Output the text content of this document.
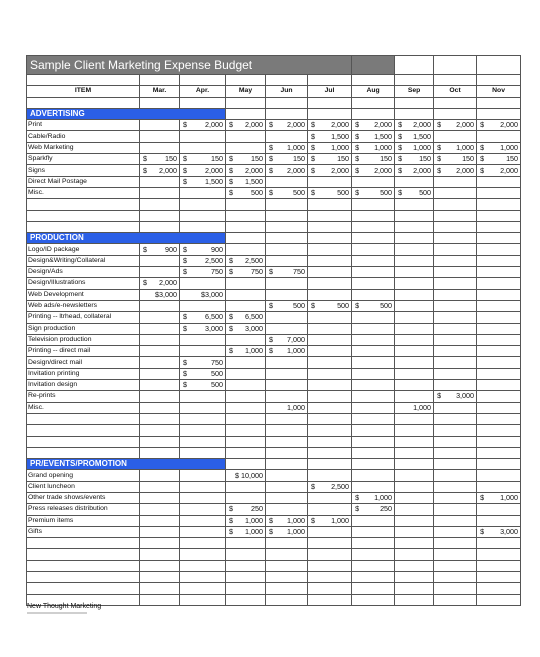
Sample Client Marketing Expense Budget									

ITEM	Mar.	Apr.	May	Jun	Jul	Aug	Sep	Oct	Nov

ADVERTISING									
Print		$ 2,000	$ 2,000	$ 2,000	$ 2,000	$ 2,000	$ 2,000	$ 2,000	$ 2,000

Cable/Radio					$ 1,500	$ 1,500	$ 1,500		

Web Marketing				$ 1,000	$ 1,000	$ 1,000	$ 1,000	$ 1,000	$ 1,000

Sparkfly	$ 150	$ 150	$ 150	$ 150	$ 150	$ 150	$ 150	$ 150	$ 150

Signs	$ 2,000	$ 2,000	$ 2,000	$ 2,000	$ 2,000	$ 2,000	$ 2,000	$ 2,000	$ 2,000

Direct Mail Postage		$ 1,500	$ 1,500						

Misc.			$ 500	$ 500	$ 500	$ 500	$ 500		

PRODUCTION									
Logo/ID package	$ 900	$ 900							

Design&Writing/Collateral		$ 2,500	$ 2,500						

Design/Ads		$ 750	$ 750	$ 750					

Design/Illustrations	$ 2,000								

Web Development	$3,000	$3,000							
Web ads/e-newsletters				$ 500	$ 500	$ 500			

Printing -- ltrhead, collateral		$ 6,500	$ 6,500						

Sign production		$ 3,000	$ 3,000						

Television production				$ 7,000					

Printing -- direct mail			$ 1,000	$ 1,000					

Design/direct mail		$ 750							

Invitation printing		$ 500							

Invitation design		$ 500							

Re-prints								$ 3,000	

Misc.				1,000			1,000		

PR/EVENTS/PROMOTION									
Grand opening			$ 10,000						
Client luncheon					$ 2,500				

Other trade shows/events						$ 1,000			$ 1,000

Press releases distribution			$ 250			$ 250			

Premium items			$ 1,000	$ 1,000	$ 1,000				

Gifts			$ 1,000	$ 1,000					$ 3,000

New Thought Marketing
